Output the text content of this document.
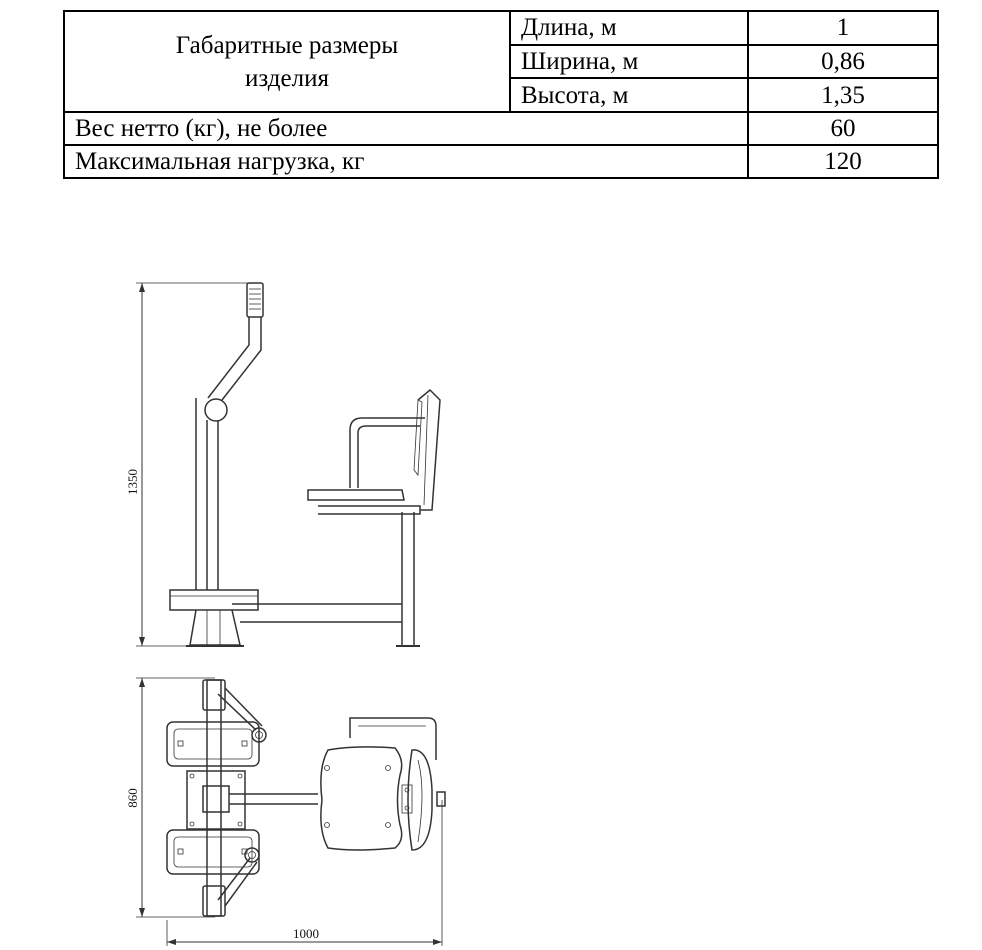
Габаритные размеры изделия	Длина, м	1
	Ширина, м	0,86
	Высота, м	1,35
Вес нетто (кг), не более		60
Максимальная нагрузка, кг		120
1350
860
1000
